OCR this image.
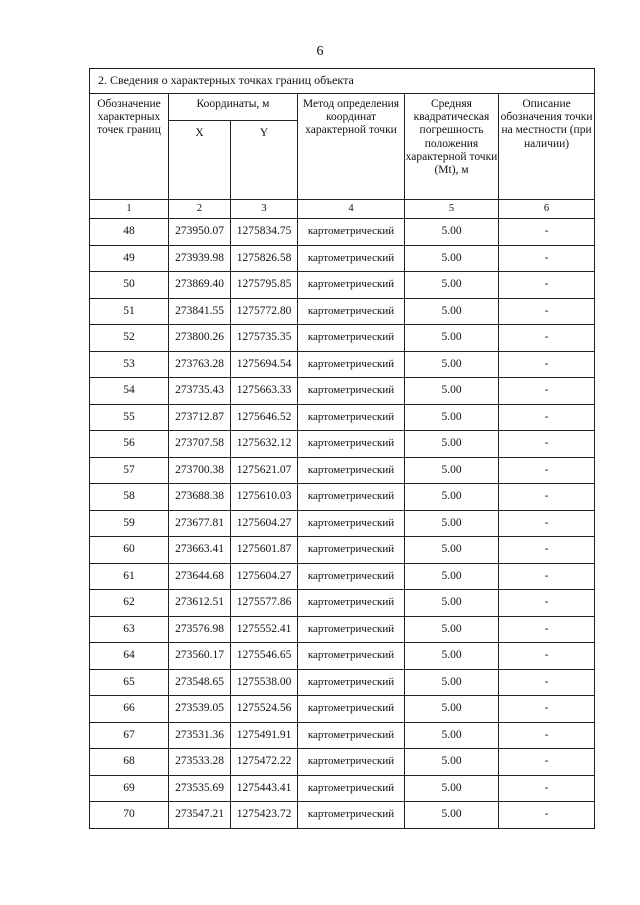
6
2. Сведения о характерных точках границ объекта					
Обозначение характерных точек границ	Координаты, м		Метод определения координат характерной точки	Средняя квадратическая погрешность положения характерной точки (Mt), м	Описание обозначения точки на местности (при наличии)
	X	Y			
1	2	3	4	5	6
48	273950.07	1275834.75	картометрический	5.00	-
49	273939.98	1275826.58	картометрический	5.00	-
50	273869.40	1275795.85	картометрический	5.00	-
51	273841.55	1275772.80	картометрический	5.00	-
52	273800.26	1275735.35	картометрический	5.00	-
53	273763.28	1275694.54	картометрический	5.00	-
54	273735.43	1275663.33	картометрический	5.00	-
55	273712.87	1275646.52	картометрический	5.00	-
56	273707.58	1275632.12	картометрический	5.00	-
57	273700.38	1275621.07	картометрический	5.00	-
58	273688.38	1275610.03	картометрический	5.00	-
59	273677.81	1275604.27	картометрический	5.00	-
60	273663.41	1275601.87	картометрический	5.00	-
61	273644.68	1275604.27	картометрический	5.00	-
62	273612.51	1275577.86	картометрический	5.00	-
63	273576.98	1275552.41	картометрический	5.00	-
64	273560.17	1275546.65	картометрический	5.00	-
65	273548.65	1275538.00	картометрический	5.00	-
66	273539.05	1275524.56	картометрический	5.00	-
67	273531.36	1275491.91	картометрический	5.00	-
68	273533.28	1275472.22	картометрический	5.00	-
69	273535.69	1275443.41	картометрический	5.00	-
70	273547.21	1275423.72	картометрический	5.00	-
